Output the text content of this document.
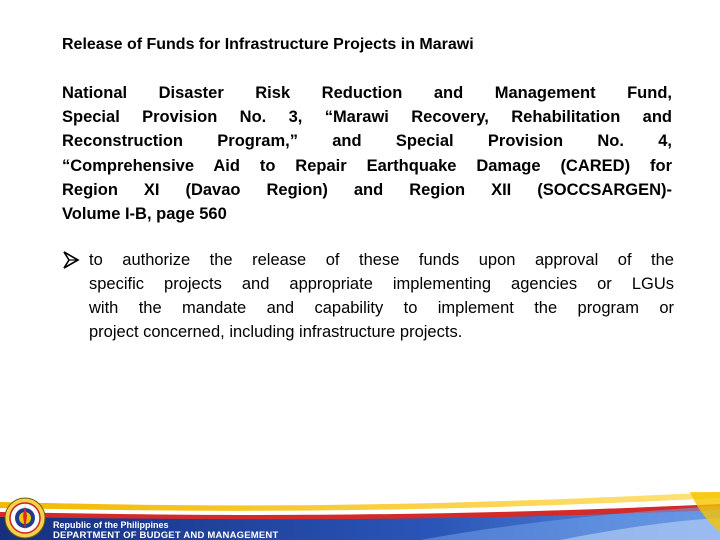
Release of Funds for Infrastructure Projects in Marawi
National Disaster Risk Reduction and Management Fund,
Special Provision No. 3, “Marawi Recovery, Rehabilitation and
Reconstruction Program,” and Special Provision No. 4,
“Comprehensive Aid to Repair Earthquake Damage (CARED) for
Region XI (Davao Region) and Region XII (SOCCSARGEN)-
Volume I-B, page 560
to authorize the release of these funds upon approval of the
specific projects and appropriate implementing agencies or LGUs
with the mandate and capability to implement the program or
project concerned, including infrastructure projects.
Republic of the Philippines
DEPARTMENT OF BUDGET AND MANAGEMENT
